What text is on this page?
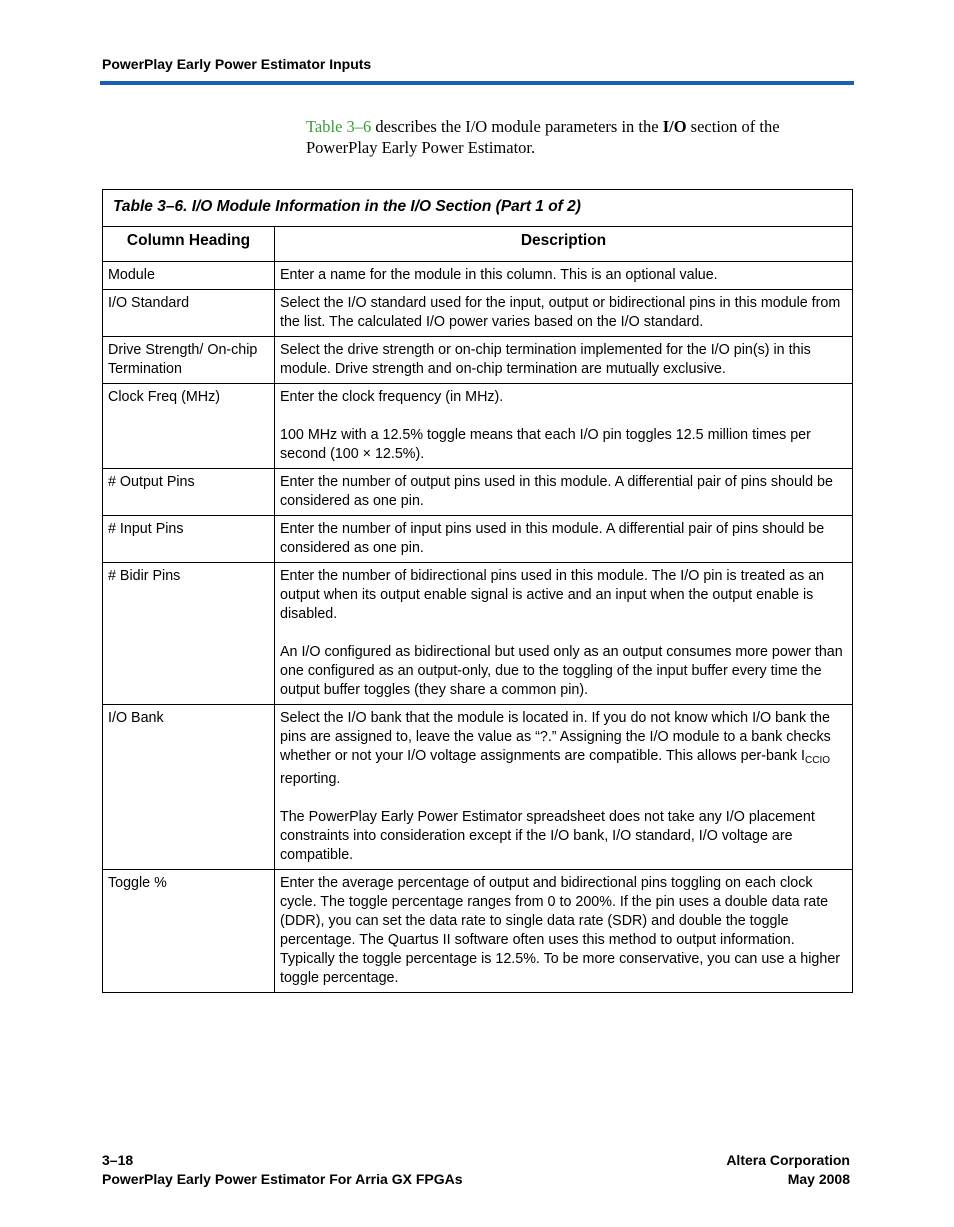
PowerPlay Early Power Estimator Inputs
Table 3–6 describes the I/O module parameters in the I/O section of the PowerPlay Early Power Estimator.
Table 3–6. I/O Module Information in the I/O Section (Part 1 of 2)	
Column Heading	Description
Module	Enter a name for the module in this column. This is an optional value.

I/O Standard	Select the I/O standard used for the input, output or bidirectional pins in this module from the list. The calculated I/O power varies based on the I/O standard.

Drive Strength/ On-chip Termination	Select the drive strength or on-chip termination implemented for the I/O pin(s) in this module. Drive strength and on-chip termination are mutually exclusive.

Clock Freq (MHz)	Enter the clock frequency (in MHz).
100 MHz with a 12.5% toggle means that each I/O pin toggles 12.5 million times per second (100 × 12.5%).

# Output Pins	Enter the number of output pins used in this module. A differential pair of pins should be considered as one pin.

# Input Pins	Enter the number of input pins used in this module. A differential pair of pins should be considered as one pin.

# Bidir Pins	Enter the number of bidirectional pins used in this module. The I/O pin is treated as an output when its output enable signal is active and an input when the output enable is disabled.
An I/O configured as bidirectional but used only as an output consumes more power than one configured as an output-only, due to the toggling of the input buffer every time the output buffer toggles (they share a common pin).

I/O Bank	Select the I/O bank that the module is located in. If you do not know which I/O bank the pins are assigned to, leave the value as “?.” Assigning the I/O module to a bank checks whether or not your I/O voltage assignments are compatible. This allows per-bank $I_{CCIO}$ reporting.
The PowerPlay Early Power Estimator spreadsheet does not take any I/O placement constraints into consideration except if the I/O bank, I/O standard, I/O voltage are compatible.

Toggle %	Enter the average percentage of output and bidirectional pins toggling on each clock cycle. The toggle percentage ranges from 0 to 200%. If the pin uses a double data rate (DDR), you can set the data rate to single data rate (SDR) and double the toggle percentage. The Quartus II software often uses this method to output information. Typically the toggle percentage is 12.5%. To be more conservative, you can use a higher toggle percentage.
3–18
PowerPlay Early Power Estimator For Arria GX FPGAs
Altera Corporation
May 2008
